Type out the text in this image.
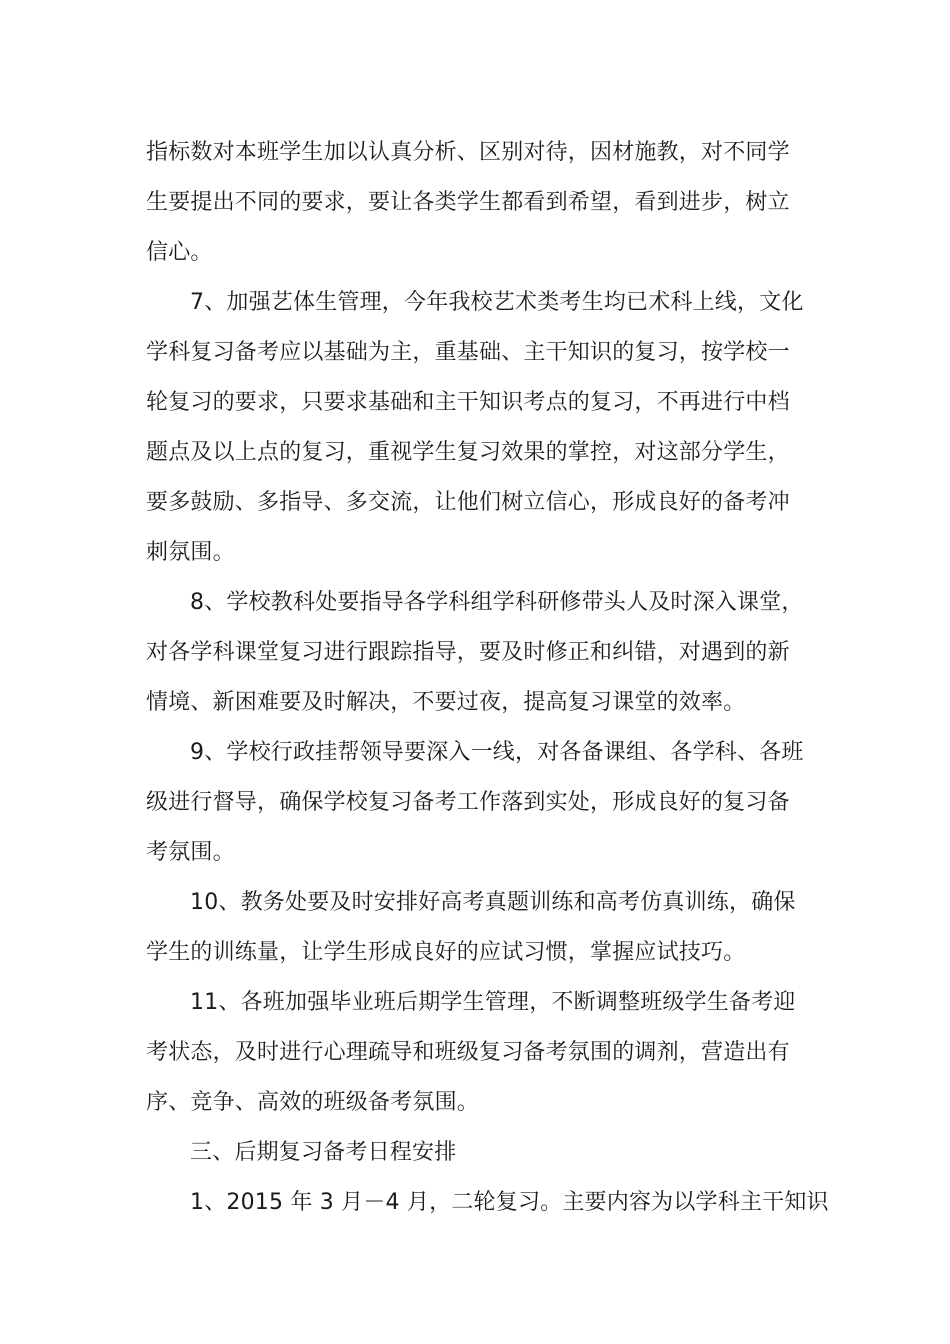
指标数对本班学生加以认真分析、区别对待，因材施教，对不同学
生要提出不同的要求，要让各类学生都看到希望，看到进步，树立
信心。

7、加强艺体生管理，今年我校艺术类考生均已术科上线，文化
学科复习备考应以基础为主，重基础、主干知识的复习，按学校一
轮复习的要求，只要求基础和主干知识考点的复习，不再进行中档
题点及以上点的复习，重视学生复习效果的掌控，对这部分学生，
要多鼓励、多指导、多交流，让他们树立信心，形成良好的备考冲
刺氛围。

8、学校教科处要指导各学科组学科研修带头人及时深入课堂，
对各学科课堂复习进行跟踪指导，要及时修正和纠错，对遇到的新
情境、新困难要及时解决，不要过夜，提高复习课堂的效率。

9、学校行政挂帮领导要深入一线，对各备课组、各学科、各班
级进行督导，确保学校复习备考工作落到实处，形成良好的复习备
考氛围。

10、教务处要及时安排好高考真题训练和高考仿真训练，确保
学生的训练量，让学生形成良好的应试习惯，掌握应试技巧。

11、各班加强毕业班后期学生管理，不断调整班级学生备考迎
考状态，及时进行心理疏导和班级复习备考氛围的调剂，营造出有
序、竞争、高效的班级备考氛围。

三、后期复习备考日程安排

1、2015 年 3 月－4 月，二轮复习。主要内容为以学科主干知识
